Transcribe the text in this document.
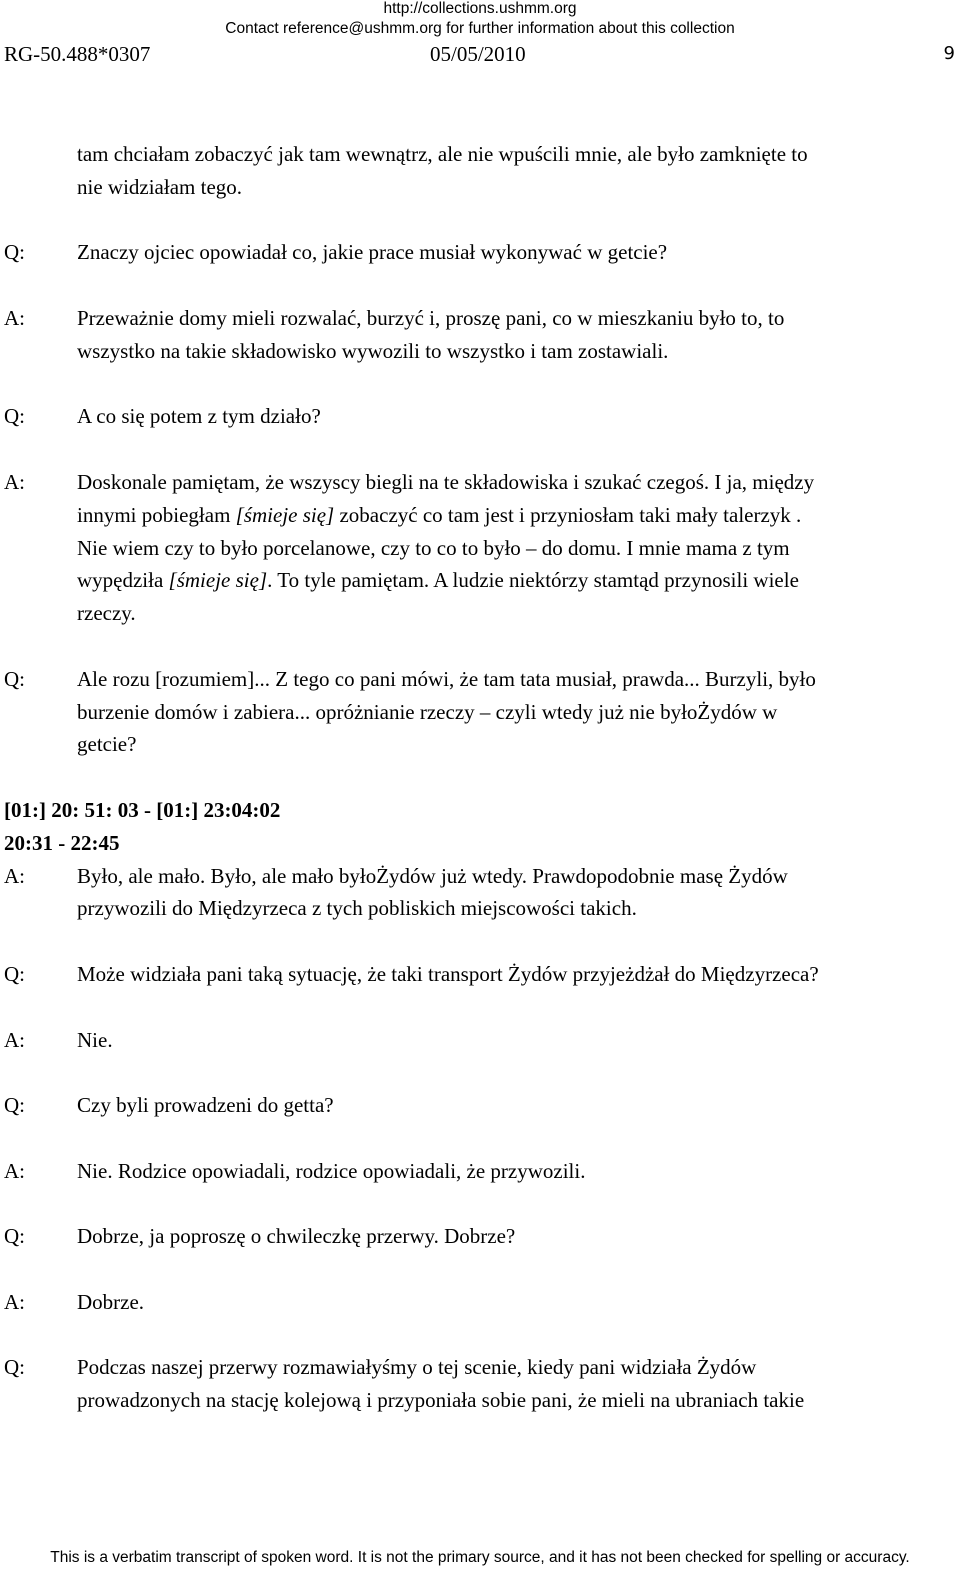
http://collections.ushmm.org
Contact reference@ushmm.org for further information about this collection
RG-50.488*0307	05/05/2010	9
tam chciałam zobaczyć jak tam wewnątrz, ale nie wpuścili mnie, ale było zamknięte to
nie widziałam tego.
Q:	Znaczy ojciec opowiadał co, jakie prace musiał wykonywać w getcie?
A:	Przeważnie domy mieli rozwalać, burzyć i, proszę pani, co w mieszkaniu było to, to
wszystko na takie składowisko wywozili to wszystko i tam zostawiali.
Q:	A co się potem z tym działo?
A:	Doskonale pamiętam, że wszyscy biegli na te składowiska i szukać czegoś. I ja, między
innymi pobiegłam [śmieje się] zobaczyć co tam jest i przyniosłam taki mały talerzyk .
Nie wiem czy to było porcelanowe, czy to co to było – do domu. I mnie mama z tym
wypędziła [śmieje się]. To tyle pamiętam. A ludzie niektórzy stamtąd przynosili wiele
rzeczy.
Q:	Ale rozu [rozumiem]... Z tego co pani mówi, że tam tata musiał, prawda... Burzyli, było
burzenie domów i zabiera... opróżnianie rzeczy – czyli wtedy już nie byłoŻydów w
getcie?
[01:] 20: 51: 03 - [01:] 23:04:02
20:31 - 22:45
A:	Było, ale mało. Było, ale mało byłoŻydów już wtedy. Prawdopodobnie masę Żydów
przywozili do Międzyrzeca z tych pobliskich miejscowości takich.
Q:	Może widziała pani taką sytuację, że taki transport Żydów przyjeżdżał do Międzyrzeca?
A:	Nie.
Q:	Czy byli prowadzeni do getta?
A:	Nie. Rodzice opowiadali, rodzice opowiadali, że przywozili.
Q:	Dobrze, ja poproszę o chwileczkę przerwy. Dobrze?
A:	Dobrze.
Q:	Podczas naszej przerwy rozmawiałyśmy o tej scenie, kiedy pani widziała Żydów
prowadzonych na stację kolejową i przyponiała sobie pani, że mieli na ubraniach takie
This is a verbatim transcript of spoken word. It is not the primary source, and it has not been checked for spelling or accuracy.
